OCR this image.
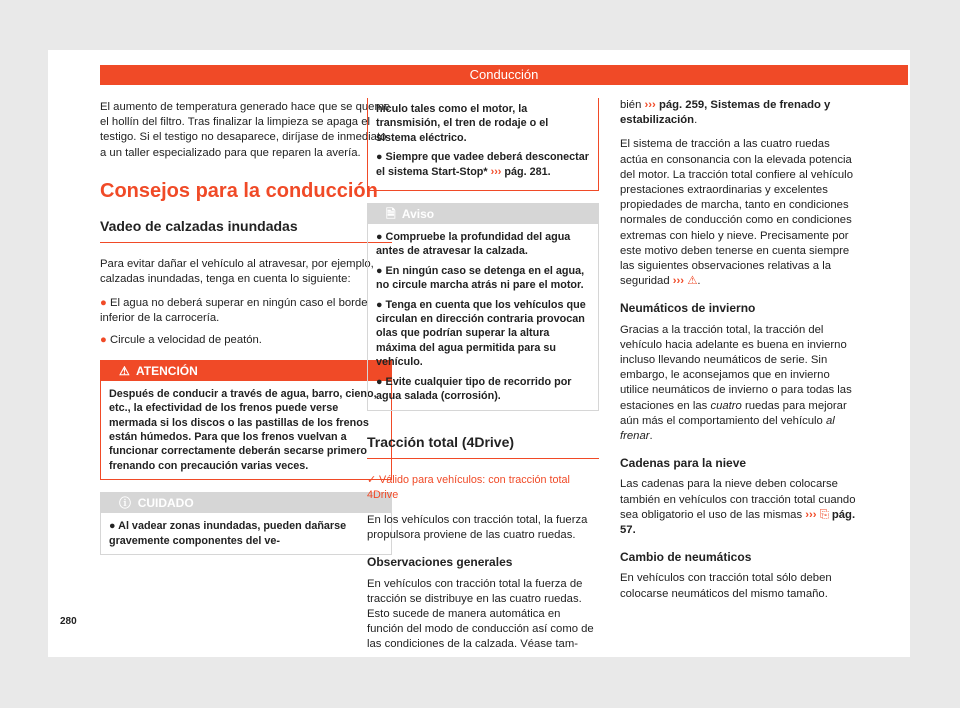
Conducción

El aumento de temperatura generado hace que se queme el hollín del filtro. Tras finalizar la limpieza se apaga el testigo. Si el testigo no desaparece, diríjase de inmediato a un taller especializado para que reparen la avería.

Consejos para la conducción
Vadeo de calzadas inundadas

Para evitar dañar el vehículo al atravesar, por ejemplo, calzadas inundadas, tenga en cuenta lo siguiente:

● El agua no deberá superar en ningún caso el borde inferior de la carrocería.
● Circule a velocidad de peatón.
⚠ ATENCIÓN
Después de conducir a través de agua, barro, cieno, etc., la efectividad de los frenos puede verse mermada si los discos o las pastillas de los frenos están húmedos. Para que los frenos vuelvan a funcionar correctamente deberán secarse primero frenando con precaución varias veces.
ⓘ CUIDADO
● Al vadear zonas inundadas, pueden dañarse gravemente componentes del ve-
hículo tales como el motor, la transmisión, el tren de rodaje o el sistema eléctrico.
● Siempre que vadee deberá desconectar el sistema Start-Stop* ››› pág. 281.
🗎 Aviso
● Compruebe la profundidad del agua antes de atravesar la calzada.
● En ningún caso se detenga en el agua, no circule marcha atrás ni pare el motor.
● Tenga en cuenta que los vehículos que circulan en dirección contraria provocan olas que podrían superar la altura máxima del agua permitida para su vehículo.
● Evite cualquier tipo de recorrido por agua salada (corrosión).
Tracción total (4Drive)

✓ Válido para vehículos: con tracción total 4Drive

En los vehículos con tracción total, la fuerza propulsora proviene de las cuatro ruedas.

Observaciones generales

En vehículos con tracción total la fuerza de tracción se distribuye en las cuatro ruedas. Esto sucede de manera automática en función del modo de conducción así como de las condiciones de la calzada. Véase tam-

bién ››› pág. 259, Sistemas de frenado y estabilización.

El sistema de tracción a las cuatro ruedas actúa en consonancia con la elevada potencia del motor. La tracción total confiere al vehículo prestaciones extraordinarias y excelentes propiedades de marcha, tanto en condiciones normales de conducción como en condiciones extremas con hielo y nieve. Precisamente por este motivo deben tenerse en cuenta siempre las siguientes observaciones relativas a la seguridad ››› ⚠.

Neumáticos de invierno

Gracias a la tracción total, la tracción del vehículo hacia adelante es buena en invierno incluso llevando neumáticos de serie. Sin embargo, le aconsejamos que en invierno utilice neumáticos de invierno o para todas las estaciones en las cuatro ruedas para mejorar aún más el comportamiento del vehículo al frenar.

Cadenas para la nieve

Las cadenas para la nieve deben colocarse también en vehículos con tracción total cuando sea obligatorio el uso de las mismas ››› ⎘ pág. 57.

Cambio de neumáticos

En vehículos con tracción total sólo deben colocarse neumáticos del mismo tamaño.

280
